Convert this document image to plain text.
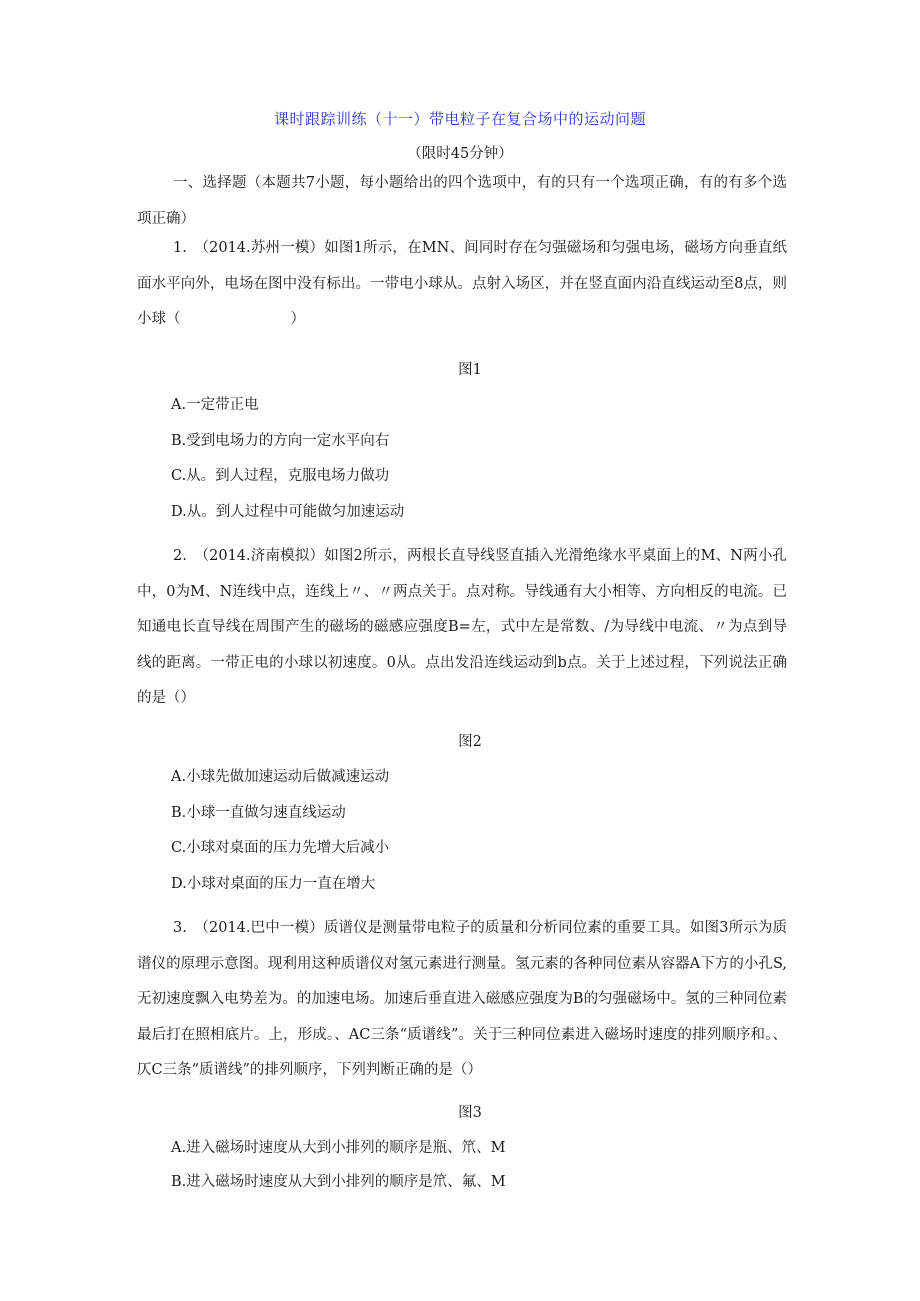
课时跟踪训练（十一）带电粒子在复合场中的运动问题
（限时45分钟）
一、选择题（本题共7小题，每小题给出的四个选项中，有的只有一个选项正确，有的有多个选项正确）
1.　（2014.苏州一模）如图1所示，在MN、间同时存在匀强磁场和匀强电场，磁场方向垂直纸面水平向外，电场在图中没有标出。一带电小球从。点射入场区，并在竖直面内沿直线运动至8点，则小球（	）
图1
A.一定带正电
B.受到电场力的方向一定水平向右
C.从。到人过程，克服电场力做功
D.从。到人过程中可能做匀加速运动
2.　（2014.济南模拟）如图2所示，两根长直导线竖直插入光滑绝缘水平桌面上的M、N两小孔中，0为M、N连线中点，连线上〃、〃两点关于。点对称。导线通有大小相等、方向相反的电流。已知通电长直导线在周围产生的磁场的磁感应强度B=左，式中左是常数、/为导线中电流、〃为点到导线的距离。一带正电的小球以初速度。0从。点出发沿连线运动到b点。关于上述过程，下列说法正确的是（）
图2
A.小球先做加速运动后做减速运动
B.小球一直做匀速直线运动
C.小球对桌面的压力先增大后减小
D.小球对桌面的压力一直在增大
3.　（2014.巴中一模）质谱仪是测量带电粒子的质量和分析同位素的重要工具。如图3所示为质谱仪的原理示意图。现利用这种质谱仪对氢元素进行测量。氢元素的各种同位素从容器A下方的小孔S,无初速度飘入电势差为。的加速电场。加速后垂直进入磁感应强度为B的匀强磁场中。氢的三种同位素最后打在照相底片。上，形成。、AC三条“质谱线”。关于三种同位素进入磁场时速度的排列顺序和。、仄C三条“质谱线”的排列顺序，下列判断正确的是（）
图3
A.进入磁场时速度从大到小排列的顺序是瓶、笊、M
B.进入磁场时速度从大到小排列的顺序是笊、氟、M
